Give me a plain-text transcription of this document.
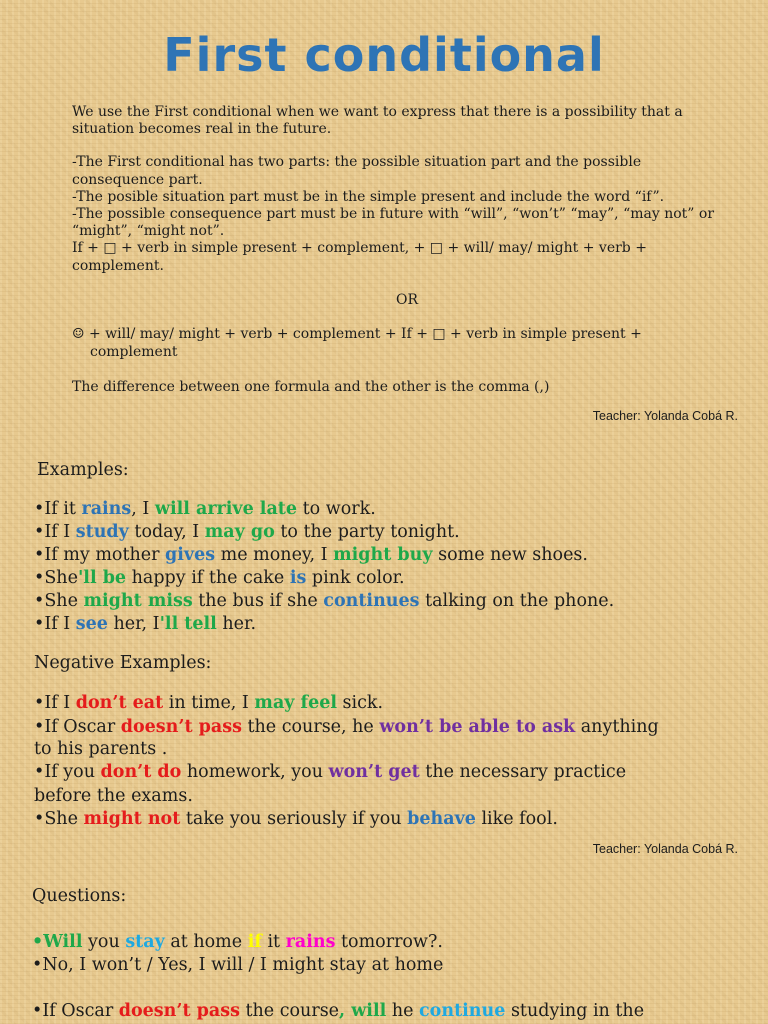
First conditional

We use the First conditional when we want to express that there is a possibility that a

situation becomes real in the future.

-The First conditional has two parts: the possible situation part and the possible

consequence part.

-The posible situation part must be in the simple present and include the word “if”.

-The possible consequence part must be in future with “will”, “won’t” “may”, “may not” or

“might”, “might not”.

If + □ + verb in simple present + complement, + □ + will/ may/ might + verb +

complement.

OR

☺ + will/ may/ might + verb + complement + If + □ + verb in simple present +

complement

The difference between one formula and the other is the comma (,)

Teacher: Yolanda Cobá R.

Examples:

•If it rains, I will arrive late to work.

•If I study today, I may go to the party tonight.

•If my mother gives me money, I might buy some new shoes.

•She'll be happy if the cake is pink color.

•She might miss the bus if she continues talking on the phone.

•If I see her, I'll tell her.

Negative Examples:

•If I don’t eat in time, I may feel sick.

•If Oscar doesn’t pass the course, he won’t be able to ask anything

to his parents .

•If you don’t do homework, you won’t get the necessary practice

before the exams.

•She might not take you seriously if you behave like fool.

Teacher: Yolanda Cobá R.

Questions:

•Will you stay at home if it rains tomorrow?.

•No, I won’t / Yes, I will / I might stay at home

•If Oscar doesn’t pass the course, will he continue studying in the
